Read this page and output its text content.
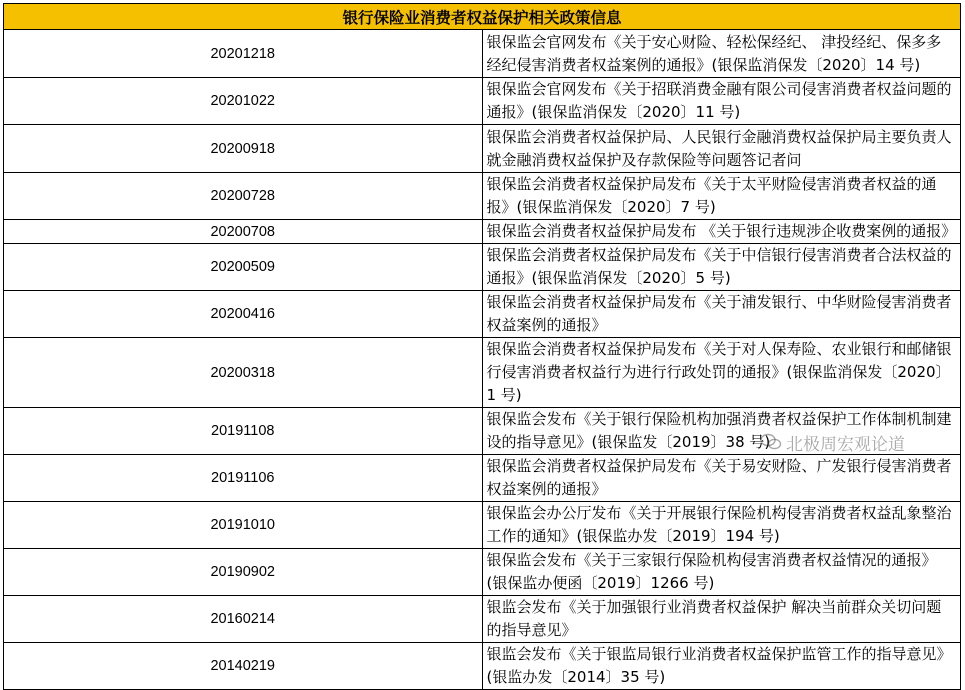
银行保险业消费者权益保护相关政策信息	
20201218	银保监会官网发布《关于安心财险、轻松保经纪、 津投经纪、保多多经纪侵害消费者权益案例的通报》(银保监消保发〔2020〕14 号)
20201022	银保监会官网发布《关于招联消费金融有限公司侵害消费者权益问题的通报》(银保监消保发〔2020〕11 号)
20200918	银保监会消费者权益保护局、人民银行金融消费权益保护局主要负责人就金融消费权益保护及存款保险等问题答记者问
20200728	银保监会消费者权益保护局发布《关于太平财险侵害消费者权益的通报》(银保监消保发〔2020〕7 号)
20200708	银保监会消费者权益保护局发布 《关于银行违规涉企收费案例的通报》
20200509	银保监会消费者权益保护局发布《关于中信银行侵害消费者合法权益的通报》(银保监消保发〔2020〕5 号)
20200416	银保监会消费者权益保护局发布《关于浦发银行、中华财险侵害消费者权益案例的通报》
20200318	银保监会消费者权益保护局发布《关于对人保寿险、农业银行和邮储银行侵害消费者权益行为进行行政处罚的通报》(银保监消保发〔2020〕1 号)
20191108	银保监会发布《关于银行保险机构加强消费者权益保护工作体制机制建设的指导意见》(银保监发〔2019〕38 号)
20191106	银保监会消费者权益保护局发布《关于易安财险、广发银行侵害消费者权益案例的通报》
20191010	银保监会办公厅发布《关于开展银行保险机构侵害消费者权益乱象整治工作的通知》(银保监办发〔2019〕194 号)
20190902	银保监会发布《关于三家银行保险机构侵害消费者权益情况的通报》(银保监办便函〔2019〕1266 号)
20160214	银监会发布《关于加强银行业消费者权益保护 解决当前群众关切问题的指导意见》
20140219	银监会发布《关于银监局银行业消费者权益保护监管工作的指导意见》(银监办发〔2014〕35 号)
北极周宏观论道
